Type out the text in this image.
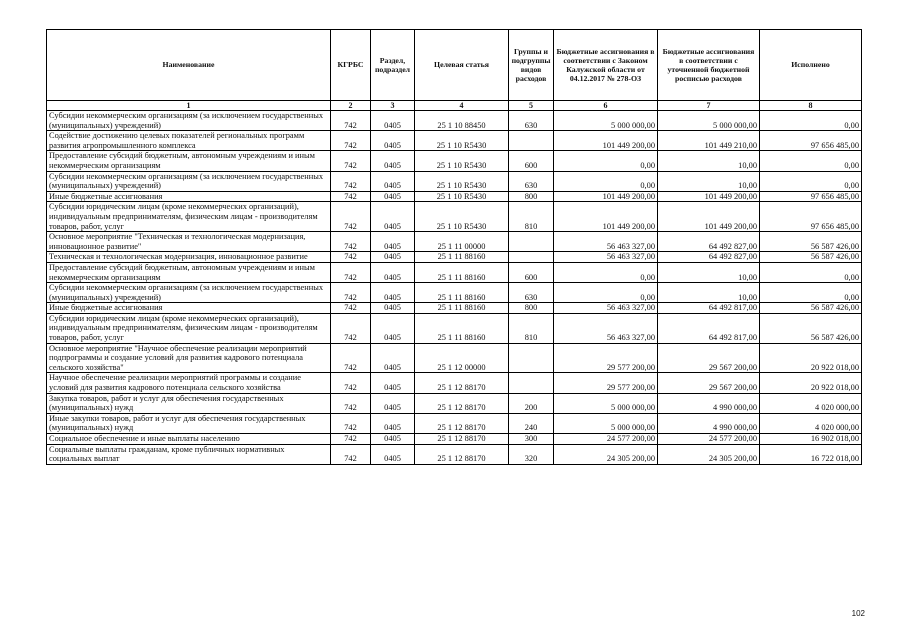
Наименование	КГРБС	Раздел, подраздел	Целевая статья	Группы и подгруппы видов расходов	Бюджетные ассигнования в соответствии с Законом Калужской области от 04.12.2017 № 278-ОЗ	Бюджетные ассигнования в соответствии с уточненной бюджетной росписью расходов	Исполнено
1	2	3	4	5	6	7	8
Субсидии некоммерческим организациям (за исключением государственных (муниципальных) учреждений)	742	0405	25 1 10 88450	630	5 000 000,00	5 000 000,00	0,00
Содействие достижению целевых показателей региональных программ развития агропромышленного комплекса	742	0405	25 1 10 R5430		101 449 200,00	101 449 210,00	97 656 485,00
Предоставление субсидий бюджетным, автономным учреждениям и иным некоммерческим организациям	742	0405	25 1 10 R5430	600	0,00	10,00	0,00
Субсидии некоммерческим организациям (за исключением государственных (муниципальных) учреждений)	742	0405	25 1 10 R5430	630	0,00	10,00	0,00
Иные бюджетные ассигнования	742	0405	25 1 10 R5430	800	101 449 200,00	101 449 200,00	97 656 485,00
Субсидии юридическим лицам (кроме некоммерческих организаций), индивидуальным предпринимателям, физическим лицам - производителям товаров, работ, услуг	742	0405	25 1 10 R5430	810	101 449 200,00	101 449 200,00	97 656 485,00
Основное мероприятие "Техническая и технологическая модернизация, инновационное развитие"	742	0405	25 1 11 00000		56 463 327,00	64 492 827,00	56 587 426,00
Техническая и технологическая модернизация, инновационное развитие	742	0405	25 1 11 88160		56 463 327,00	64 492 827,00	56 587 426,00
Предоставление субсидий бюджетным, автономным учреждениям и иным некоммерческим организациям	742	0405	25 1 11 88160	600	0,00	10,00	0,00
Субсидии некоммерческим организациям (за исключением государственных (муниципальных) учреждений)	742	0405	25 1 11 88160	630	0,00	10,00	0,00
Иные бюджетные ассигнования	742	0405	25 1 11 88160	800	56 463 327,00	64 492 817,00	56 587 426,00
Субсидии юридическим лицам (кроме некоммерческих организаций), индивидуальным предпринимателям, физическим лицам - производителям товаров, работ, услуг	742	0405	25 1 11 88160	810	56 463 327,00	64 492 817,00	56 587 426,00
Основное мероприятие "Научное обеспечение реализации мероприятий подпрограммы и создание условий для развития кадрового потенциала сельского хозяйства"	742	0405	25 1 12 00000		29 577 200,00	29 567 200,00	20 922 018,00
Научное обеспечение реализации мероприятий программы и создание условий для развития кадрового потенциала сельского хозяйства	742	0405	25 1 12 88170		29 577 200,00	29 567 200,00	20 922 018,00
Закупка товаров, работ и услуг для обеспечения государственных (муниципальных) нужд	742	0405	25 1 12 88170	200	5 000 000,00	4 990 000,00	4 020 000,00
Иные закупки товаров, работ и услуг для обеспечения государственных (муниципальных) нужд	742	0405	25 1 12 88170	240	5 000 000,00	4 990 000,00	4 020 000,00
Социальное обеспечение и иные выплаты населению	742	0405	25 1 12 88170	300	24 577 200,00	24 577 200,00	16 902 018,00
Социальные выплаты гражданам, кроме публичных нормативных социальных выплат	742	0405	25 1 12 88170	320	24 305 200,00	24 305 200,00	16 722 018,00
102
